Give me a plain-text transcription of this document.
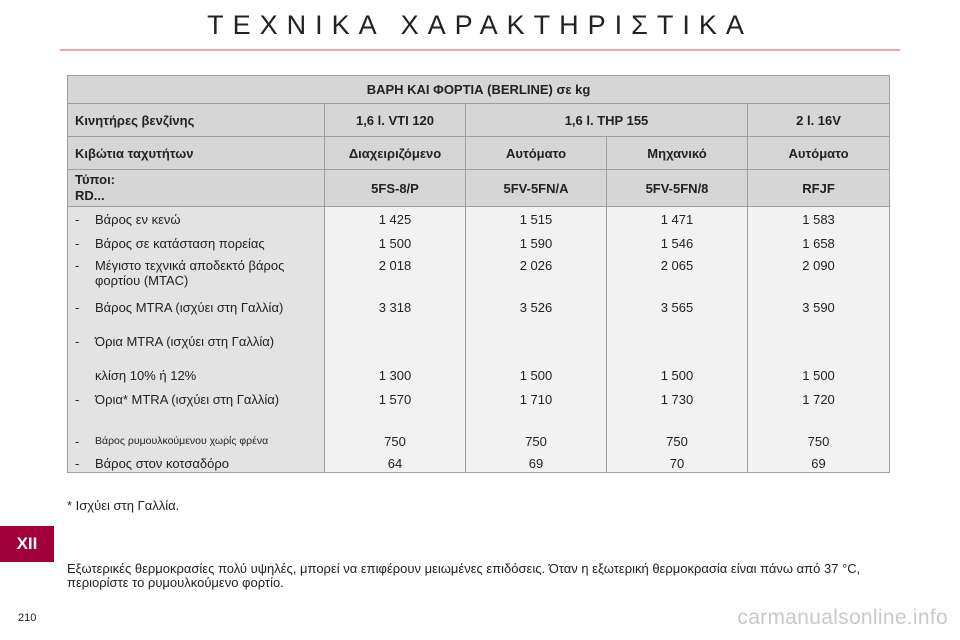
ΤΕΧΝΙΚΑ ΧΑΡΑΚΤΗΡΙΣΤΙΚΑ
ΒΑΡΗ ΚΑΙ ΦΟΡΤΙΑ (BERLINE) σε kg				
Κινητήρες βενζίνης	1,6 l. VTI 120	1,6 l. THP 155		2 l. 16V
Κιβώτια ταχυτήτων	Διαχειριζόμενο	Αυτόματο	Μηχανικό	Αυτόματο
Τύποι:
RD...	5FS-8/P	5FV-5FN/A	5FV-5FN/8	RFJF

- Βάρος εν κενώ	1 425	1 515	1 471	1 583

- Βάρος σε κατάσταση πορείας	1 500	1 590	1 546	1 658

- Μέγιστο τεχνικά αποδεκτό βάρος φορτίου (MTAC)	2 018	2 026	2 065	2 090

- Βάρος MTRA (ισχύει στη Γαλλία)	3 318	3 526	3 565	3 590

- Όρια MTRA (ισχύει στη Γαλλία)				

κλίση 10% ή 12%	1 300	1 500	1 500	1 500

- Όρια* MTRA (ισχύει στη Γαλλία)	1 570	1 710	1 730	1 720

- Βάρος ρυμουλκούμενου χωρίς φρένα	750	750	750	750

- Βάρος στον κοτσαδόρο	64	69	70	69
* Ισχύει στη Γαλλία.
XII
Εξωτερικές θερμοκρασίες πολύ υψηλές, μπορεί να επιφέρουν μειωμένες επιδόσεις. Όταν η εξωτερική θερμοκρασία είναι πάνω από 37 °C, περιορίστε το ρυμουλκούμενο φορτίο.
210	carmanualsonline.info
